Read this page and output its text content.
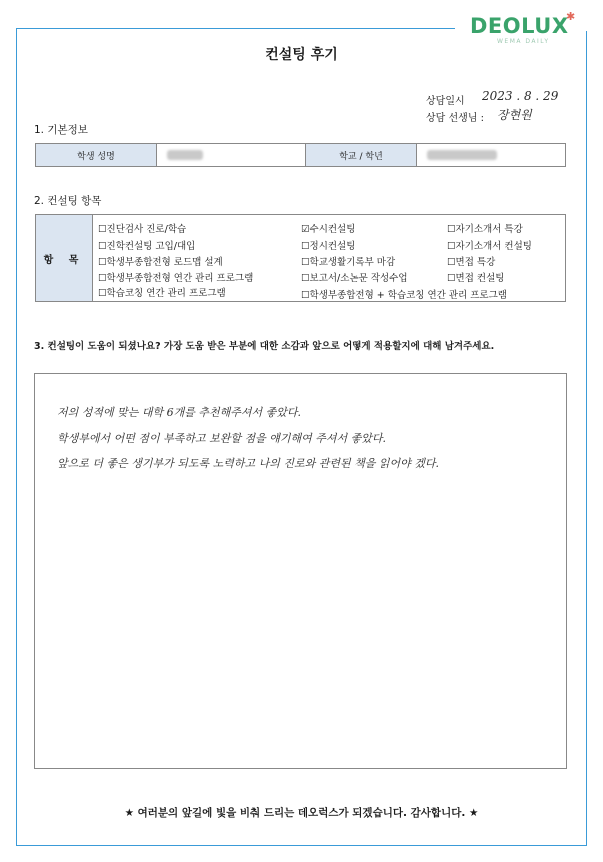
DEOLUX
✱
WEMA DAILY
컨설팅 후기
상담일시 2023 . 8 . 29
상담 선생님 : 장현원
1. 기본정보
학생 성명	학교 / 학년
2. 컨설팅 항목
항 목
☐진단검사 진로/학습
☐진학컨설팅 고입/대입
☐학생부종합전형 로드맵 설계
☐학생부종합전형 연간 관리 프로그램
☐학습코칭 연간 관리 프로그램
☑수시컨설팅
☐정시컨설팅
☐학교생활기록부 마감
☐보고서/소논문 작성수업
☐자기소개서 특강
☐자기소개서 컨설팅
☐면접 특강
☐면접 컨설팅
☐학생부종합전형 + 학습코칭 연간 관리 프로그램
3. 컨설팅이 도움이 되셨나요? 가장 도움 받은 부분에 대한 소감과 앞으로 어떻게 적용할지에 대해 남겨주세요.
저의 성적에 맞는 대학 6개를 추천해주셔서 좋았다.
학생부에서 어떤 점이 부족하고 보완할 점을 얘기해여 주셔서 좋았다.
앞으로 더 좋은 생기부가 되도록 노력하고 나의 진로와 관련된 책을 읽어야 겠다.
★ 여러분의 앞길에 빛을 비춰 드리는 데오럭스가 되겠습니다. 감사합니다. ★
